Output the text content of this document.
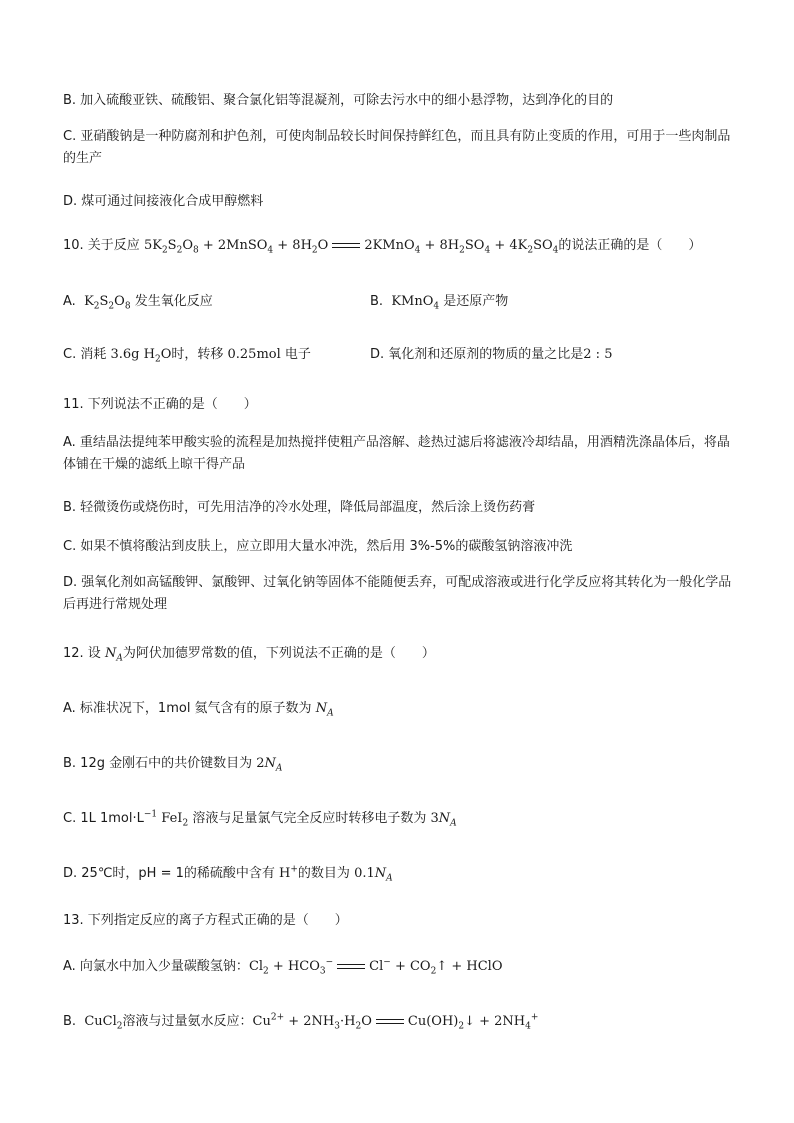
B. 加入硫酸亚铁、硫酸铝、聚合氯化铝等混凝剂，可除去污水中的细小悬浮物，达到净化的目的
C. 亚硝酸钠是一种防腐剂和护色剂，可使肉制品较长时间保持鲜红色，而且具有防止变质的作用，可用于一些肉制品的生产
D. 煤可通过间接液化合成甲醇燃料
10. 关于反应 $5K_2S_2O_8$ + 2MnSO$_4$ + $8H_2O$	2KMnO$_4$ + $8H_2SO_4 + 4K_2SO_4$的说法正确的是（　　）
A.  $K_2S_2O_8$ 发生氧化反应	B.  KMnO$_4$ 是还原产物
C. 消耗 3.6g $H_2O$时，转移 0.25mol 电子	D. 氧化剂和还原剂的物质的量之比是2 : 5
11. 下列说法不正确的是（　　）
A. 重结晶法提纯苯甲酸实验的流程是加热搅拌使粗产品溶解、趁热过滤后将滤液冷却结晶，用酒精洗涤晶体后，将晶体铺在干燥的滤纸上晾干得产品
B. 轻微烫伤或烧伤时，可先用洁净的冷水处理，降低局部温度，然后涂上烫伤药膏
C. 如果不慎将酸沾到皮肤上，应立即用大量水冲洗，然后用 3%-5%的碳酸氢钠溶液冲洗
D. 强氧化剂如高锰酸钾、氯酸钾、过氧化钠等固体不能随便丢弃，可配成溶液或进行化学反应将其转化为一般化学品后再进行常规处理
12. 设 $N_A$为阿伏加德罗常数的值，下列说法不正确的是（　　）
A. 标准状况下，1mol 氦气含有的原子数为 $N_A$
B. 12g 金刚石中的共价键数目为 $2N_A$
C. 1L $1mol\cdot L^{-1}$ FeI$_2$ 溶液与足量氯气完全反应时转移电子数为 $3N_A$
D. 25℃时，pH = 1的稀硫酸中含有 H+的数目为 $0.1N_A$
13. 下列指定反应的离子方程式正确的是（　　）
A. 向氯水中加入少量碳酸氢钠：$Cl_2 + HCO_3^-$	$Cl^- + CO_2↑$ + HClO
B.  CuCl$_2$溶液与过量氨水反应：$Cu^{2+} + 2NH_3\cdot H_2O$	$Cu(OH)_2↓ + 2NH_4^+$
